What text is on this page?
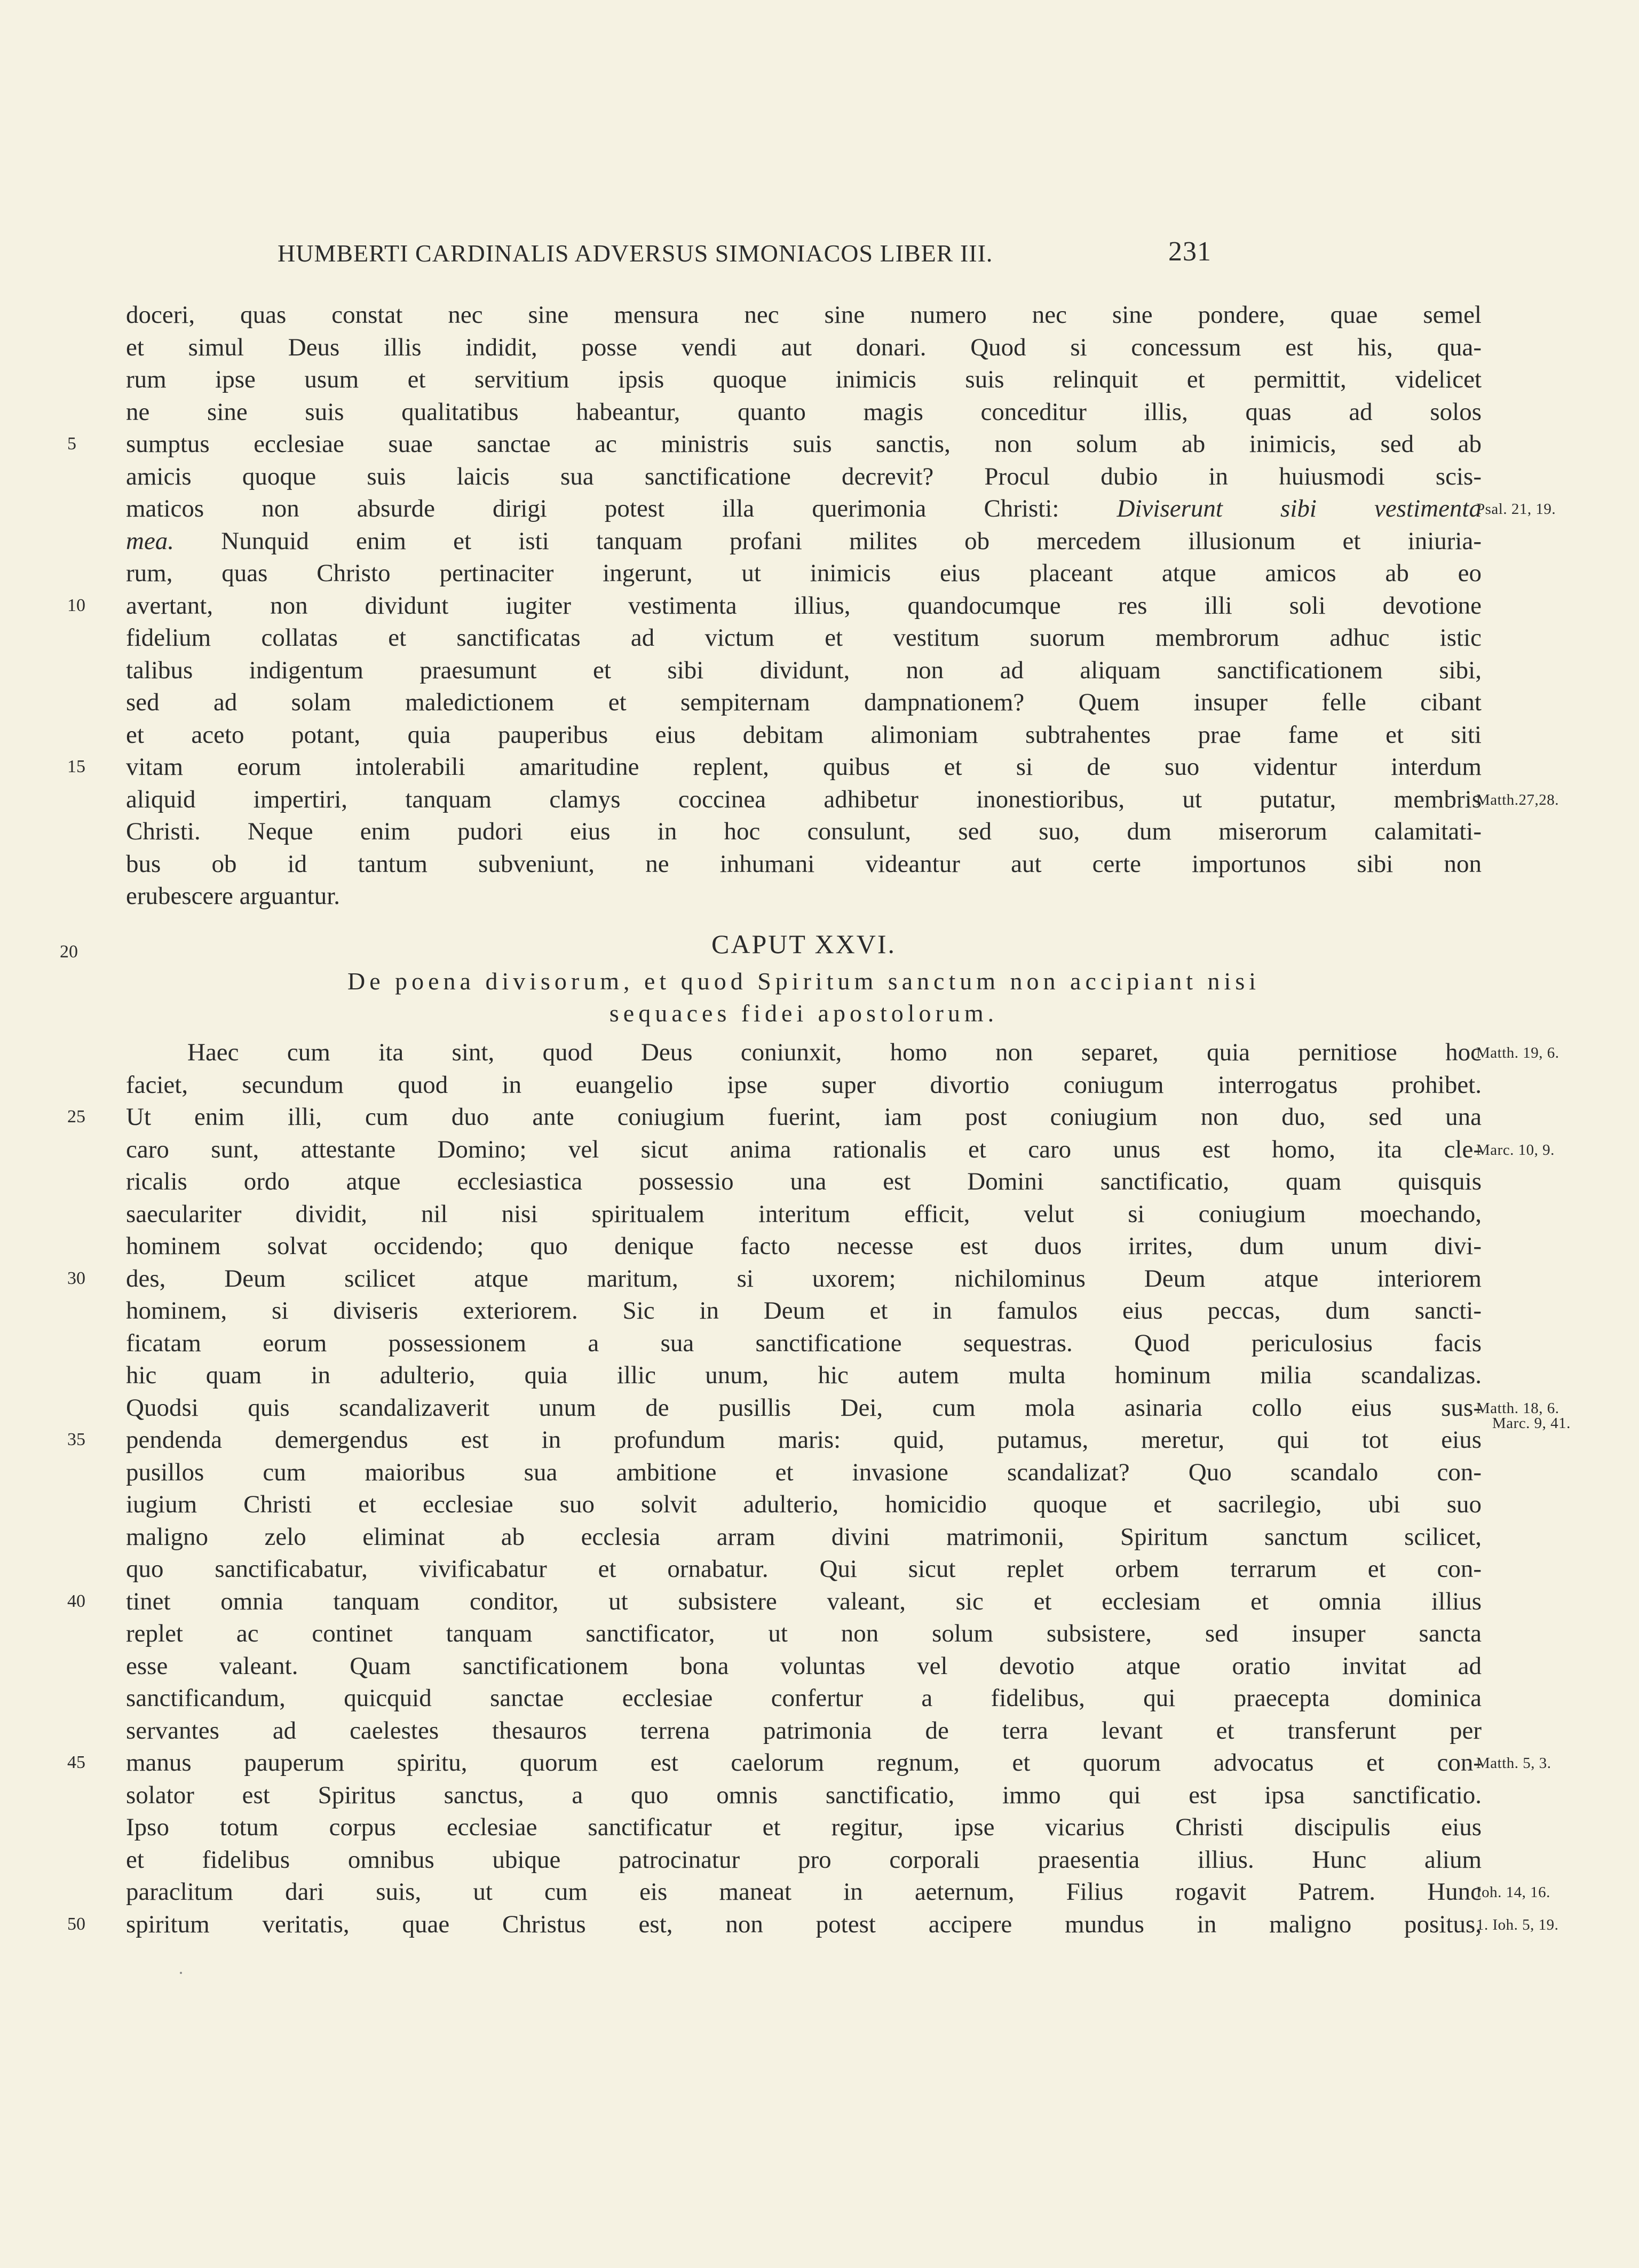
HUMBERTI CARDINALIS ADVERSUS SIMONIACOS LIBER III.	231
doceri, quas constat nec sine mensura nec sine numero nec sine pondere, quae semel
et simul Deus illis indidit, posse vendi aut donari. Quod si concessum est his, qua-
rum ipse usum et servitium ipsis quoque inimicis suis relinquit et permittit, videlicet
ne sine suis qualitatibus habeantur, quanto magis conceditur illis, quas ad solos
5	sumptus ecclesiae suae sanctae ac ministris suis sanctis, non solum ab inimicis, sed ab
amicis quoque suis laicis sua sanctificatione decrevit? Procul dubio in huiusmodi scis-
maticos non absurde dirigi potest illa querimonia Christi: Diviserunt sibi vestimenta
Psal. 21, 19.
mea. Nunquid enim et isti tanquam profani milites ob mercedem illusionum et iniuria-
rum, quas Christo pertinaciter ingerunt, ut inimicis eius placeant atque amicos ab eo
10	avertant, non dividunt iugiter vestimenta illius, quandocumque res illi soli devotione
fidelium collatas et sanctificatas ad victum et vestitum suorum membrorum adhuc istic
talibus indigentum praesumunt et sibi dividunt, non ad aliquam sanctificationem sibi,
sed ad solam maledictionem et sempiternam dampnationem? Quem insuper felle cibant
et aceto potant, quia pauperibus eius debitam alimoniam subtrahentes prae fame et siti
15	vitam eorum intolerabili amaritudine replent, quibus et si de suo videntur interdum
aliquid impertiri, tanquam clamys coccinea adhibetur inonestioribus, ut putatur, membris
Matth.27,28.
Christi. Neque enim pudori eius in hoc consulunt, sed suo, dum miserorum calamitati-
bus ob id tantum subveniunt, ne inhumani videantur aut certe importunos sibi non
erubescere arguantur.
20	CAPUT XXVI.
De poena divisorum, et quod Spiritum sanctum non accipiant nisi
sequaces fidei apostolorum.
Haec cum ita sint, quod Deus coniunxit, homo non separet, quia pernitiose hoc
Matth. 19, 6.
faciet, secundum quod in euangelio ipse super divortio coniugum interrogatus prohibet.
25	Ut enim illi, cum duo ante coniugium fuerint, iam post coniugium non duo, sed una
caro sunt, attestante Domino; vel sicut anima rationalis et caro unus est homo, ita cle-
Marc. 10, 9.
ricalis ordo atque ecclesiastica possessio una est Domini sanctificatio, quam quisquis
saeculariter dividit, nil nisi spiritualem interitum efficit, velut si coniugium moechando,
hominem solvat occidendo; quo denique facto necesse est duos irrites, dum unum divi-
30	des, Deum scilicet atque maritum, si uxorem; nichilominus Deum atque interiorem
hominem, si diviseris exteriorem. Sic in Deum et in famulos eius peccas, dum sancti-
ficatam eorum possessionem a sua sanctificatione sequestras. Quod periculosius facis
hic quam in adulterio, quia illic unum, hic autem multa hominum milia scandalizas.
Quodsi quis scandalizaverit unum de pusillis Dei, cum mola asinaria collo eius sus-
Matth. 18, 6.
Marc. 9, 41.
35	pendenda demergendus est in profundum maris: quid, putamus, meretur, qui tot eius
pusillos cum maioribus sua ambitione et invasione scandalizat? Quo scandalo con-
iugium Christi et ecclesiae suo solvit adulterio, homicidio quoque et sacrilegio, ubi suo
maligno zelo eliminat ab ecclesia arram divini matrimonii, Spiritum sanctum scilicet,
quo sanctificabatur, vivificabatur et ornabatur. Qui sicut replet orbem terrarum et con-
40	tinet omnia tanquam conditor, ut subsistere valeant, sic et ecclesiam et omnia illius
replet ac continet tanquam sanctificator, ut non solum subsistere, sed insuper sancta
esse valeant. Quam sanctificationem bona voluntas vel devotio atque oratio invitat ad
sanctificandum, quicquid sanctae ecclesiae confertur a fidelibus, qui praecepta dominica
servantes ad caelestes thesauros terrena patrimonia de terra levant et transferunt per
45	manus pauperum spiritu, quorum est caelorum regnum, et quorum advocatus et con-
Matth. 5, 3.
solator est Spiritus sanctus, a quo omnis sanctificatio, immo qui est ipsa sanctificatio.
Ipso totum corpus ecclesiae sanctificatur et regitur, ipse vicarius Christi discipulis eius
et fidelibus omnibus ubique patrocinatur pro corporali praesentia illius. Hunc alium
paraclitum dari suis, ut cum eis maneat in aeternum, Filius rogavit Patrem. Hunc
Ioh. 14, 16.
50	spiritum veritatis, quae Christus est, non potest accipere mundus in maligno positus,
1. Ioh. 5, 19.
